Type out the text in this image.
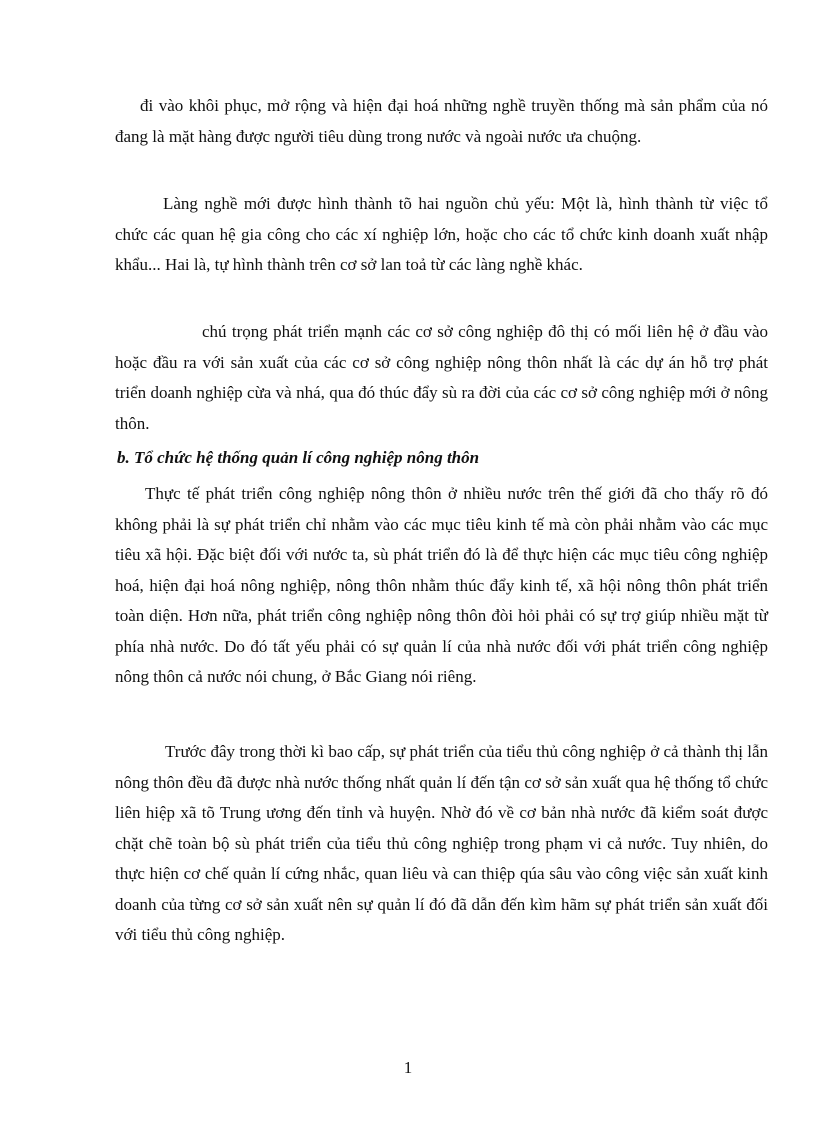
đi vào khôi phục, mở rộng và hiện đại hoá những nghề truyền thống mà sản phẩm của nó đang là mặt hàng được người tiêu dùng trong nước và ngoài nước ưa chuộng.

Làng nghề mới được hình thành tõ hai nguồn chủ yếu: Một là, hình thành từ việc tổ chức các quan hệ gia công cho các xí nghiệp lớn, hoặc cho các tổ chức kinh doanh xuất nhập khẩu... Hai là, tự hình thành trên cơ sở lan toả từ các làng nghề khác.

chú trọng phát triển mạnh các cơ sở công nghiệp đô thị có mối liên hệ ở đầu vào hoặc đầu ra với sản xuất của các cơ sở công nghiệp nông thôn nhất là các dự án hỗ trợ phát triển doanh nghiệp cừa và nhá, qua đó thúc đẩy sù ra đời của các cơ sở công nghiệp mới ở nông thôn.

b. Tổ chức hệ thống quản lí công nghiệp nông thôn

Thực tế phát triển công nghiệp nông thôn ở nhiều nước trên thế giới đã cho thấy rõ đó không phải là sự phát triển chỉ nhằm vào các mục tiêu kinh tế mà còn phải nhằm vào các mục tiêu xã hội. Đặc biệt đối với nước ta, sù phát triển đó là để thực hiện các mục tiêu công nghiệp hoá, hiện đại hoá nông nghiệp, nông thôn nhằm thúc đẩy kinh tế, xã hội nông thôn phát triển toàn diện. Hơn nữa, phát triển công nghiệp nông thôn đòi hỏi phải có sự trợ giúp nhiều mặt từ phía nhà nước. Do đó tất yếu phải có sự quản lí của nhà nước đối với phát triển công nghiệp nông thôn cả nước nói chung, ở Bắc Giang nói riêng.

Trước đây trong thời kì bao cấp, sự phát triển của tiểu thủ công nghiệp ở cả thành thị lẫn nông thôn đều đã được nhà nước thống nhất quản lí đến tận cơ sở sản xuất qua hệ thống tổ chức liên hiệp xã tõ Trung ương đến tỉnh và huyện. Nhờ đó về cơ bản nhà nước đã kiểm soát được chặt chẽ toàn bộ sù phát triển của tiểu thủ công nghiệp trong phạm vi cả nước. Tuy nhiên, do thực hiện cơ chế quản lí cứng nhắc, quan liêu và can thiệp qúa sâu vào công việc sản xuất kinh doanh của từng cơ sở sản xuất nên sự quản lí đó đã dẫn đến kìm hãm sự phát triển sản xuất đối với tiểu thủ công nghiệp.

1
